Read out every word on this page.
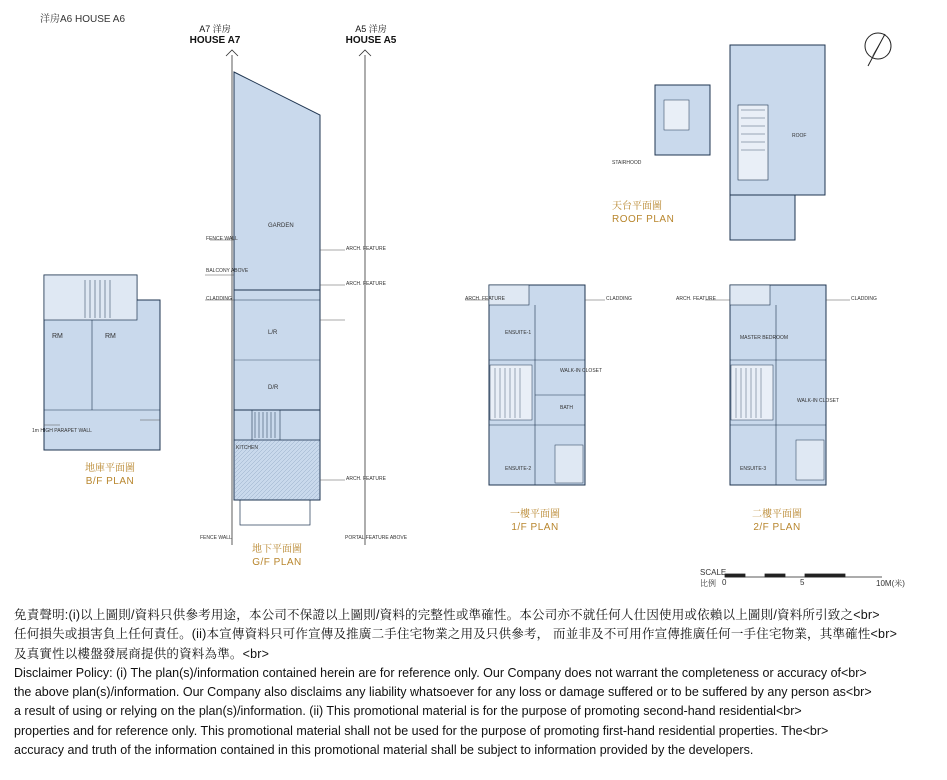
洋房A6 HOUSE A6
A7 洋房
HOUSE A7
A5 洋房
HOUSE A5
RM	RM
1m HIGH PARAPET WALL
GARDEN
L/R
D/R
KITCHEN
FENCE WALL	PORTAL FEATURE ABOVE
FENCE WALL
BALCONY ABOVE
CLADDING
ARCH. FEATURE
ARCH. FEATURE
ARCH. FEATURE
ENSUITE-1
ENSUITE-2
BATH
WALK-IN CLOSET
ARCH. FEATURE	CLADDING
MASTER BEDROOM
ENSUITE-3
WALK-IN CLOSET
ARCH. FEATURE	CLADDING
ROOF
STAIRHOOD
地庫平面圖
B/F PLAN
地下平面圖
G/F PLAN
一樓平面圖
1/F PLAN
二樓平面圖
2/F PLAN
天台平面圖
ROOF PLAN
SCALE
比例 0	5	10M(米)

免責聲明:(i)以上圖則/資料只供參考用途，本公司不保證以上圖則/資料的完整性或準確性。本公司亦不就任何人仕因使用或依賴以上圖則/資料所引致之<br>

任何損失或損害負上任何責任。(ii)本宣傳資料只可作宣傳及推廣二手住宅物業之用及只供參考， 而並非及不可用作宣傳推廣任何一手住宅物業，其準確性<br>

及真實性以樓盤發展商提供的資料為準。<br>

Disclaimer Policy: (i) The plan(s)/information contained herein are for reference only. Our Company does not warrant the completeness or accuracy of<br>

the above plan(s)/information. Our Company also disclaims any liability whatsoever for any loss or damage suffered or to be suffered by any person as<br>

a result of using or relying on the plan(s)/information. (ii) This promotional material is for the purpose of promoting second-hand residential<br>

properties and for reference only. This promotional material shall not be used for the purpose of promoting first-hand residential properties. The<br>

accuracy and truth of the information contained in this promotional material shall be subject to information provided by the developers.
